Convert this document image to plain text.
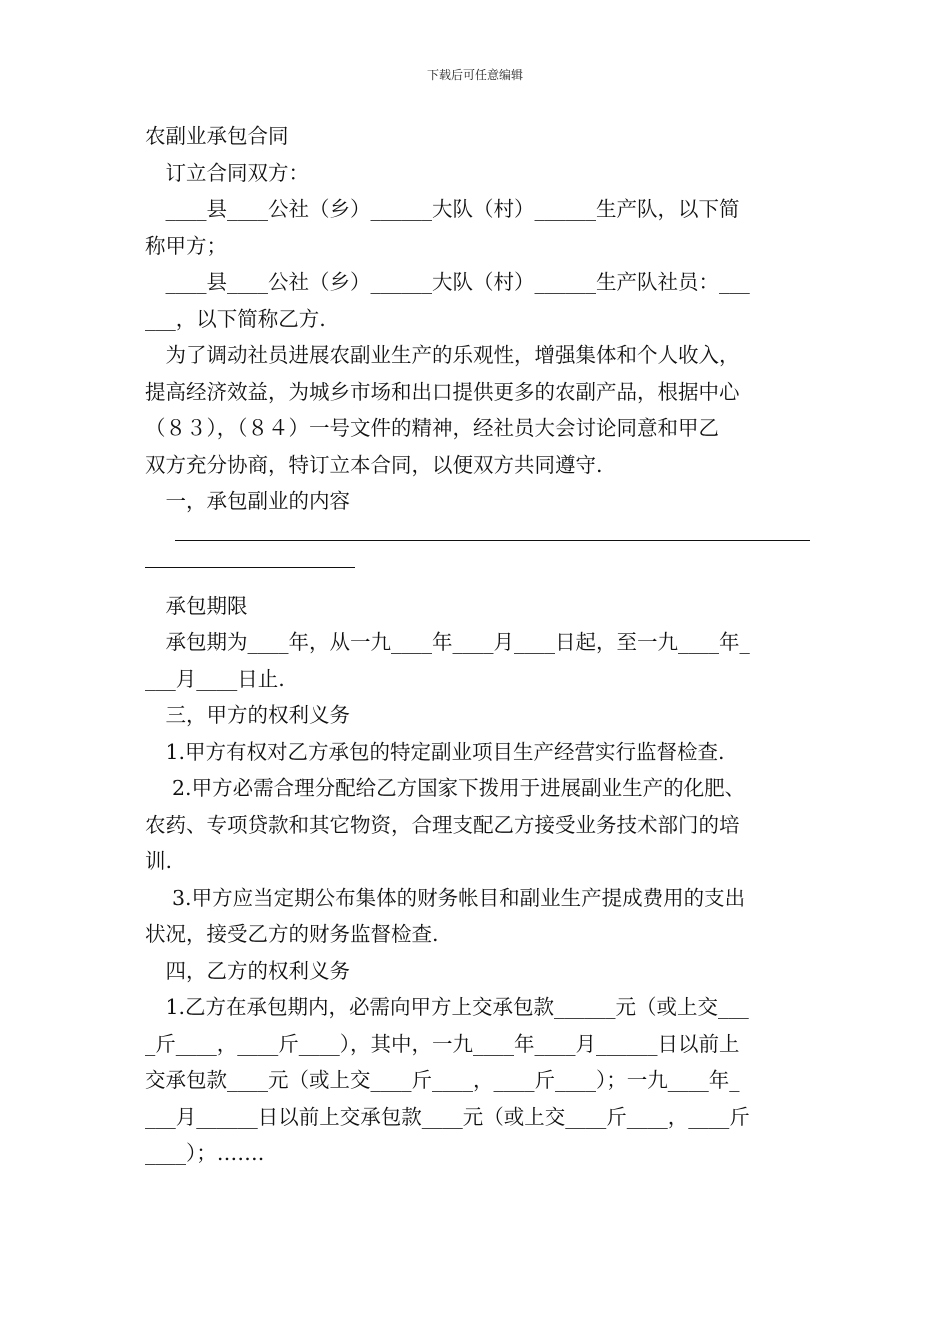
下载后可任意编辑
农副业承包合同
　订立合同双方：
　____县____公社（乡）______大队（村）______生产队，以下简
称甲方；
　____县____公社（乡）______大队（村）______生产队社员：___
___，以下简称乙方.
　为了调动社员进展农副业生产的乐观性，增强集体和个人收入，
提高经济效益，为城乡市场和出口提供更多的农副产品，根据中心
（８３），（８４）一号文件的精神，经社员大会讨论同意和甲乙
双方充分协商，特订立本合同，以便双方共同遵守.
　一，承包副业的内容
　承包期限
　承包期为____年，从一九____年____月____日起，至一九____年_
___月____日止.
　三，甲方的权利义务
　1.甲方有权对乙方承包的特定副业项目生产经营实行监督检查.
　 2.甲方必需合理分配给乙方国家下拨用于进展副业生产的化肥、
农药、专项贷款和其它物资，合理支配乙方接受业务技术部门的培
训.
　 3.甲方应当定期公布集体的财务帐目和副业生产提成费用的支出
状况，接受乙方的财务监督检查.
　四，乙方的权利义务
　1.乙方在承包期内，必需向甲方上交承包款______元（或上交___
_斤____，____斤____），其中，一九____年____月______日以前上
交承包款____元（或上交____斤____，____斤____）；一九____年_
___月______日以前上交承包款____元（或上交____斤____，____斤
____）；…….
